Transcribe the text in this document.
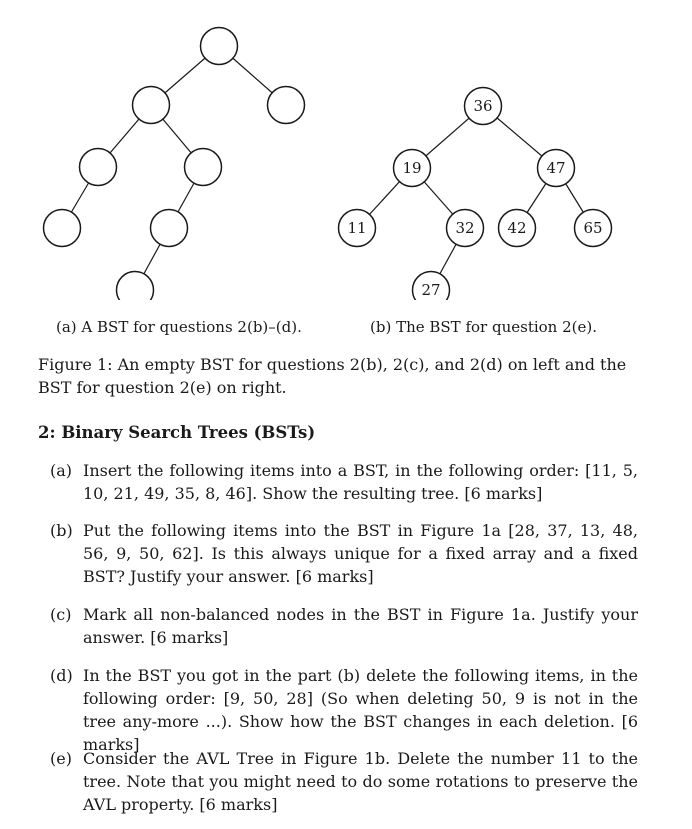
36
19	47
11	32 42	65
27
(a) A BST for questions 2(b)–(d).	(b) The BST for question 2(e).
Figure 1: An empty BST for questions 2(b), 2(c), and 2(d) on left and the BST for question 2(e) on right.
2: Binary Search Trees (BSTs)
(a) Insert the following items into a BST, in the following order: [11, 5, 10, 21, 49, 35, 8, 46]. Show the resulting tree. [6 marks]
(b) Put the following items into the BST in Figure 1a [28, 37, 13, 48, 56, 9, 50, 62]. Is this always unique for a fixed array and a fixed BST? Justify your answer. [6 marks]
(c) Mark all non-balanced nodes in the BST in Figure 1a. Justify your answer. [6 marks]
(d) In the BST you got in the part (b) delete the following items, in the following order: [9, 50, 28] (So when deleting 50, 9 is not in the tree any-more ...). Show how the BST changes in each deletion. [6 marks]
(e) Consider the AVL Tree in Figure 1b. Delete the number 11 to the tree. Note that you might need to do some rotations to preserve the AVL property. [6 marks]
